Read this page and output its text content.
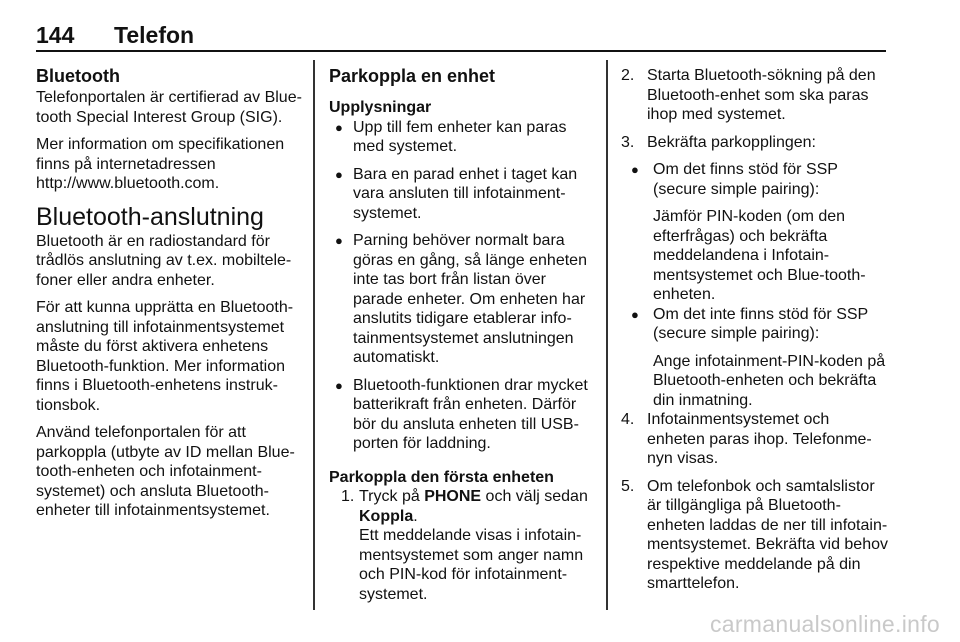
144 Telefon

Bluetooth

Telefonportalen är certifierad av Blue‐tooth Special Interest Group (SIG).

Mer information om specifikationen finns på internetadressen http://www.bluetooth.com.

Bluetooth-anslutning

Bluetooth är en radiostandard för trådlös anslutning av t.ex. mobiltele‐foner eller andra enheter.

För att kunna upprätta en Bluetooth-anslutning till infotainmentsystemet måste du först aktivera enhetens Bluetooth-funktion. Mer information finns i Bluetooth-enhetens instruk‐tionsbok.

Använd telefonportalen för att parkoppla (utbyte av ID mellan Blue‐tooth-enheten och infotainment‐systemet) och ansluta Bluetooth-enheter till infotainmentsystemet.

Parkoppla en enhet

Upplysningar

● Upp till fem enheter kan paras med systemet.
● Bara en parad enhet i taget kan vara ansluten till infotainment‐systemet.
● Parning behöver normalt bara göras en gång, så länge enheten inte tas bort från listan över parade enheter. Om enheten har anslutits tidigare etablerar info‐tainmentsystemet anslutningen automatiskt.
● Bluetooth-funktionen drar mycket batterikraft från enheten. Därför bör du ansluta enheten till USB-porten för laddning.

Parkoppla den första enheten

1. Tryck på PHONE och välj sedan Koppla.

Ett meddelande visas i infotain‐mentsystemet som anger namn och PIN-kod för infotainment‐systemet.

2. Starta Bluetooth-sökning på den Bluetooth-enhet som ska paras ihop med systemet.

3. Bekräfta parkopplingen:

● Om det finns stöd för SSP (secure simple pairing):

Jämför PIN-koden (om den efterfrågas) och bekräfta meddelandena i Infotain‐mentsystemet och Blue‐tooth-enheten.

● Om det inte finns stöd för SSP (secure simple pairing):

Ange infotainment-PIN-koden på Bluetooth-enheten och bekräfta din inmatning.

4. Infotainmentsystemet och enheten paras ihop. Telefonme‐nyn visas.

5. Om telefonbok och samtalslistor är tillgängliga på Bluetooth-enheten laddas de ner till infotain‐mentsystemet. Bekräfta vid behov respektive meddelande på din smarttelefon.

carmanualsonline.info
